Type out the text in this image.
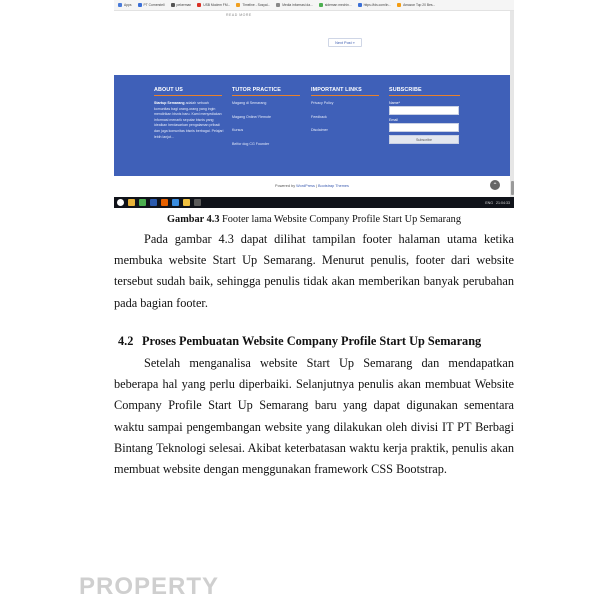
Apps	PT Cornerstell	pekerman	USB Modem FM...	Timeline - Sosyal...	Media informasi da...	sideman mechin...	https://ids.com/in...	Amazon Top 20 Bes...
READ MORE
Next Post »
ABOUT US
Startup Semarang adalah sebuah komunitas bagi orang-orang yang ingin mendirikan bisnis baru. Kami menyediakan informasi menarik seputar bisnis yang idealkan berdasarkan pengalaman pribadi dan juga komunitas bisnis berbagai. Pelajari lebih lanjut...
TUTOR PRACTICE
Magang di Semarang
Magang Online/ Remote
Kursus
Belfor dog CG Founder
IMPORTANT LINKS
Privacy Policy
Feedback
Disclaimer
SUBSCRIBE
Name*
Email
Subscribe
Powered by WordPress | Bootstrap Themes	⌃
ENG 21:04:33
Gambar 4.3 Footer lama Website Company Profile Start Up Semarang

Pada gambar 4.3 dapat dilihat tampilan footer halaman utama ketika membuka website Start Up Semarang. Menurut penulis, footer dari website tersebut sudah baik, sehingga penulis tidak akan memberikan banyak perubahan pada bagian footer.

4.2 Proses Pembuatan Website Company Profile Start Up Semarang

Setelah menganalisa website Start Up Semarang dan mendapatkan beberapa hal yang perlu diperbaiki. Selanjutnya penulis akan membuat Website Company Profile Start Up Semarang baru yang dapat digunakan sementara waktu sampai pengembangan website yang dilakukan oleh divisi IT PT Berbagi Bintang Teknologi selesai. Akibat keterbatasan waktu kerja praktik, penulis akan membuat website dengan menggunakan framework CSS Bootstrap.

PROPERTY
